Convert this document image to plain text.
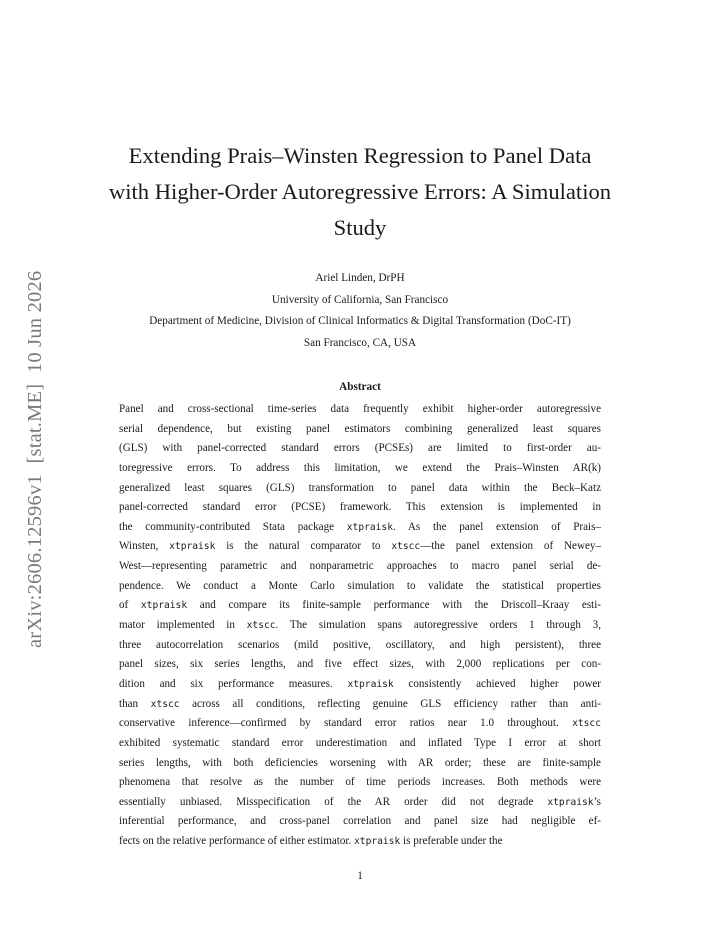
arXiv:2606.12596v1  [stat.ME]  10 Jun 2026
Extending Prais–Winsten Regression to Panel Data
with Higher-Order Autoregressive Errors: A Simulation
Study
Ariel Linden, DrPH
University of California, San Francisco
Department of Medicine, Division of Clinical Informatics & Digital Transformation (DoC-IT)
San Francisco, CA, USA
Abstract
Panel and cross-sectional time-series data frequently exhibit higher-order autoregressive
serial dependence, but existing panel estimators combining generalized least squares
(GLS) with panel-corrected standard errors (PCSEs) are limited to first-order au-
toregressive errors. To address this limitation, we extend the Prais–Winsten AR(k)
generalized least squares (GLS) transformation to panel data within the Beck–Katz
panel-corrected standard error (PCSE) framework. This extension is implemented in
the community-contributed Stata package xtpraisk. As the panel extension of Prais–
Winsten, xtpraisk is the natural comparator to xtscc—the panel extension of Newey–
West—representing parametric and nonparametric approaches to macro panel serial de-
pendence. We conduct a Monte Carlo simulation to validate the statistical properties
of xtpraisk and compare its finite-sample performance with the Driscoll–Kraay esti-
mator implemented in xtscc. The simulation spans autoregressive orders 1 through 3,
three autocorrelation scenarios (mild positive, oscillatory, and high persistent), three
panel sizes, six series lengths, and five effect sizes, with 2,000 replications per con-
dition and six performance measures. xtpraisk consistently achieved higher power
than xtscc across all conditions, reflecting genuine GLS efficiency rather than anti-
conservative inference—confirmed by standard error ratios near 1.0 throughout. xtscc
exhibited systematic standard error underestimation and inflated Type I error at short
series lengths, with both deficiencies worsening with AR order; these are finite-sample
phenomena that resolve as the number of time periods increases. Both methods were
essentially unbiased. Misspecification of the AR order did not degrade xtpraisk’s
inferential performance, and cross-panel correlation and panel size had negligible ef-
fects on the relative performance of either estimator. xtpraisk is preferable under the
1
